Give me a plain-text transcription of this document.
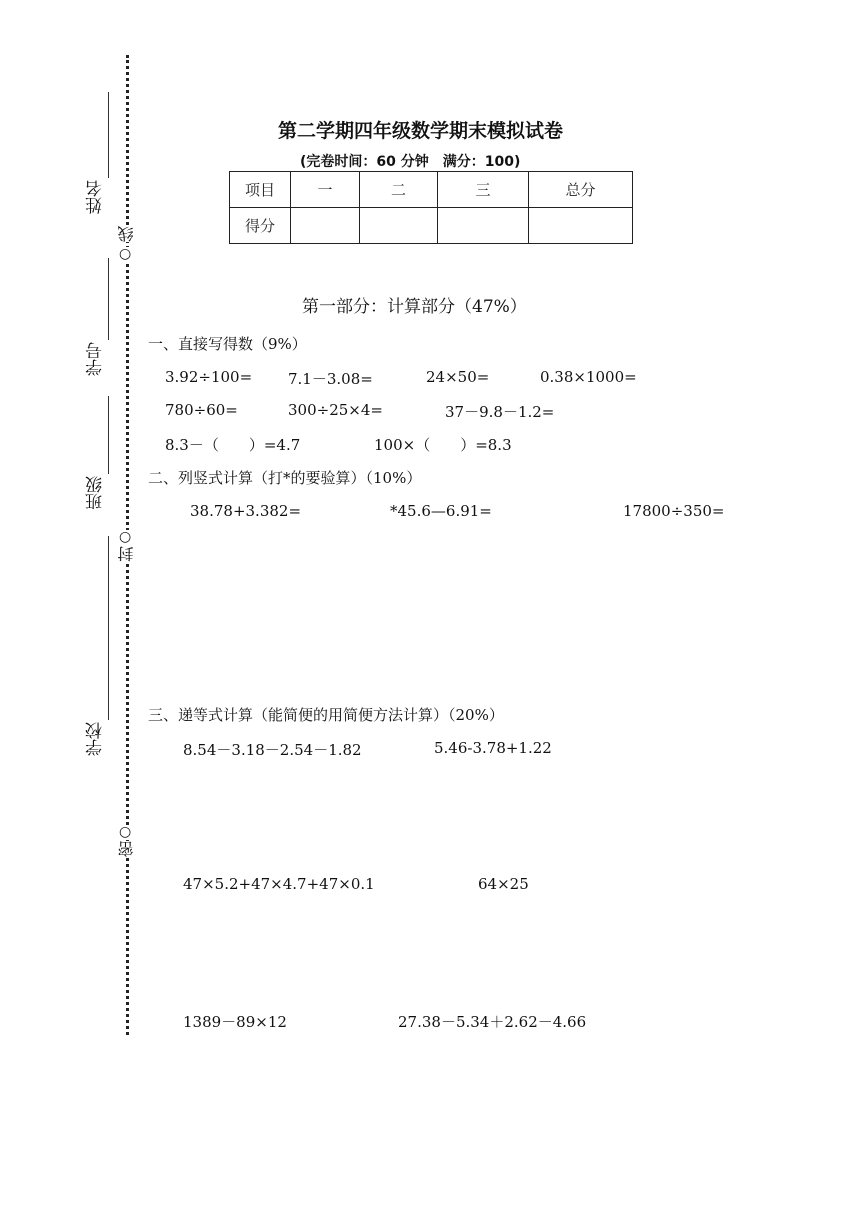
姓名
学号
班级
学校
○
线
○
封
○
密
第二学期四年级数学期末模拟试卷
(完卷时间：60 分钟　满分：100)
项目	一	二	三	总分
得分				
第一部分：计算部分（47%）
一、直接写得数（9%）
3.92÷100= 7.1－3.08=	24×50=	0.38×1000=
780÷60=	300÷25×4=	37－9.8－1.2=
8.3－（　　）=4.7	100×（　　）=8.3
二、列竖式计算（打*的要验算）（10%）
38.78+3.382=	*45.6—6.91=	17800÷350=
三、递等式计算（能简便的用简便方法计算）（20%）
8.54－3.18－2.54－1.82	5.46-3.78+1.22
47×5.2+47×4.7+47×0.1	64×25
1389－89×12	27.38－5.34＋2.62－4.66
